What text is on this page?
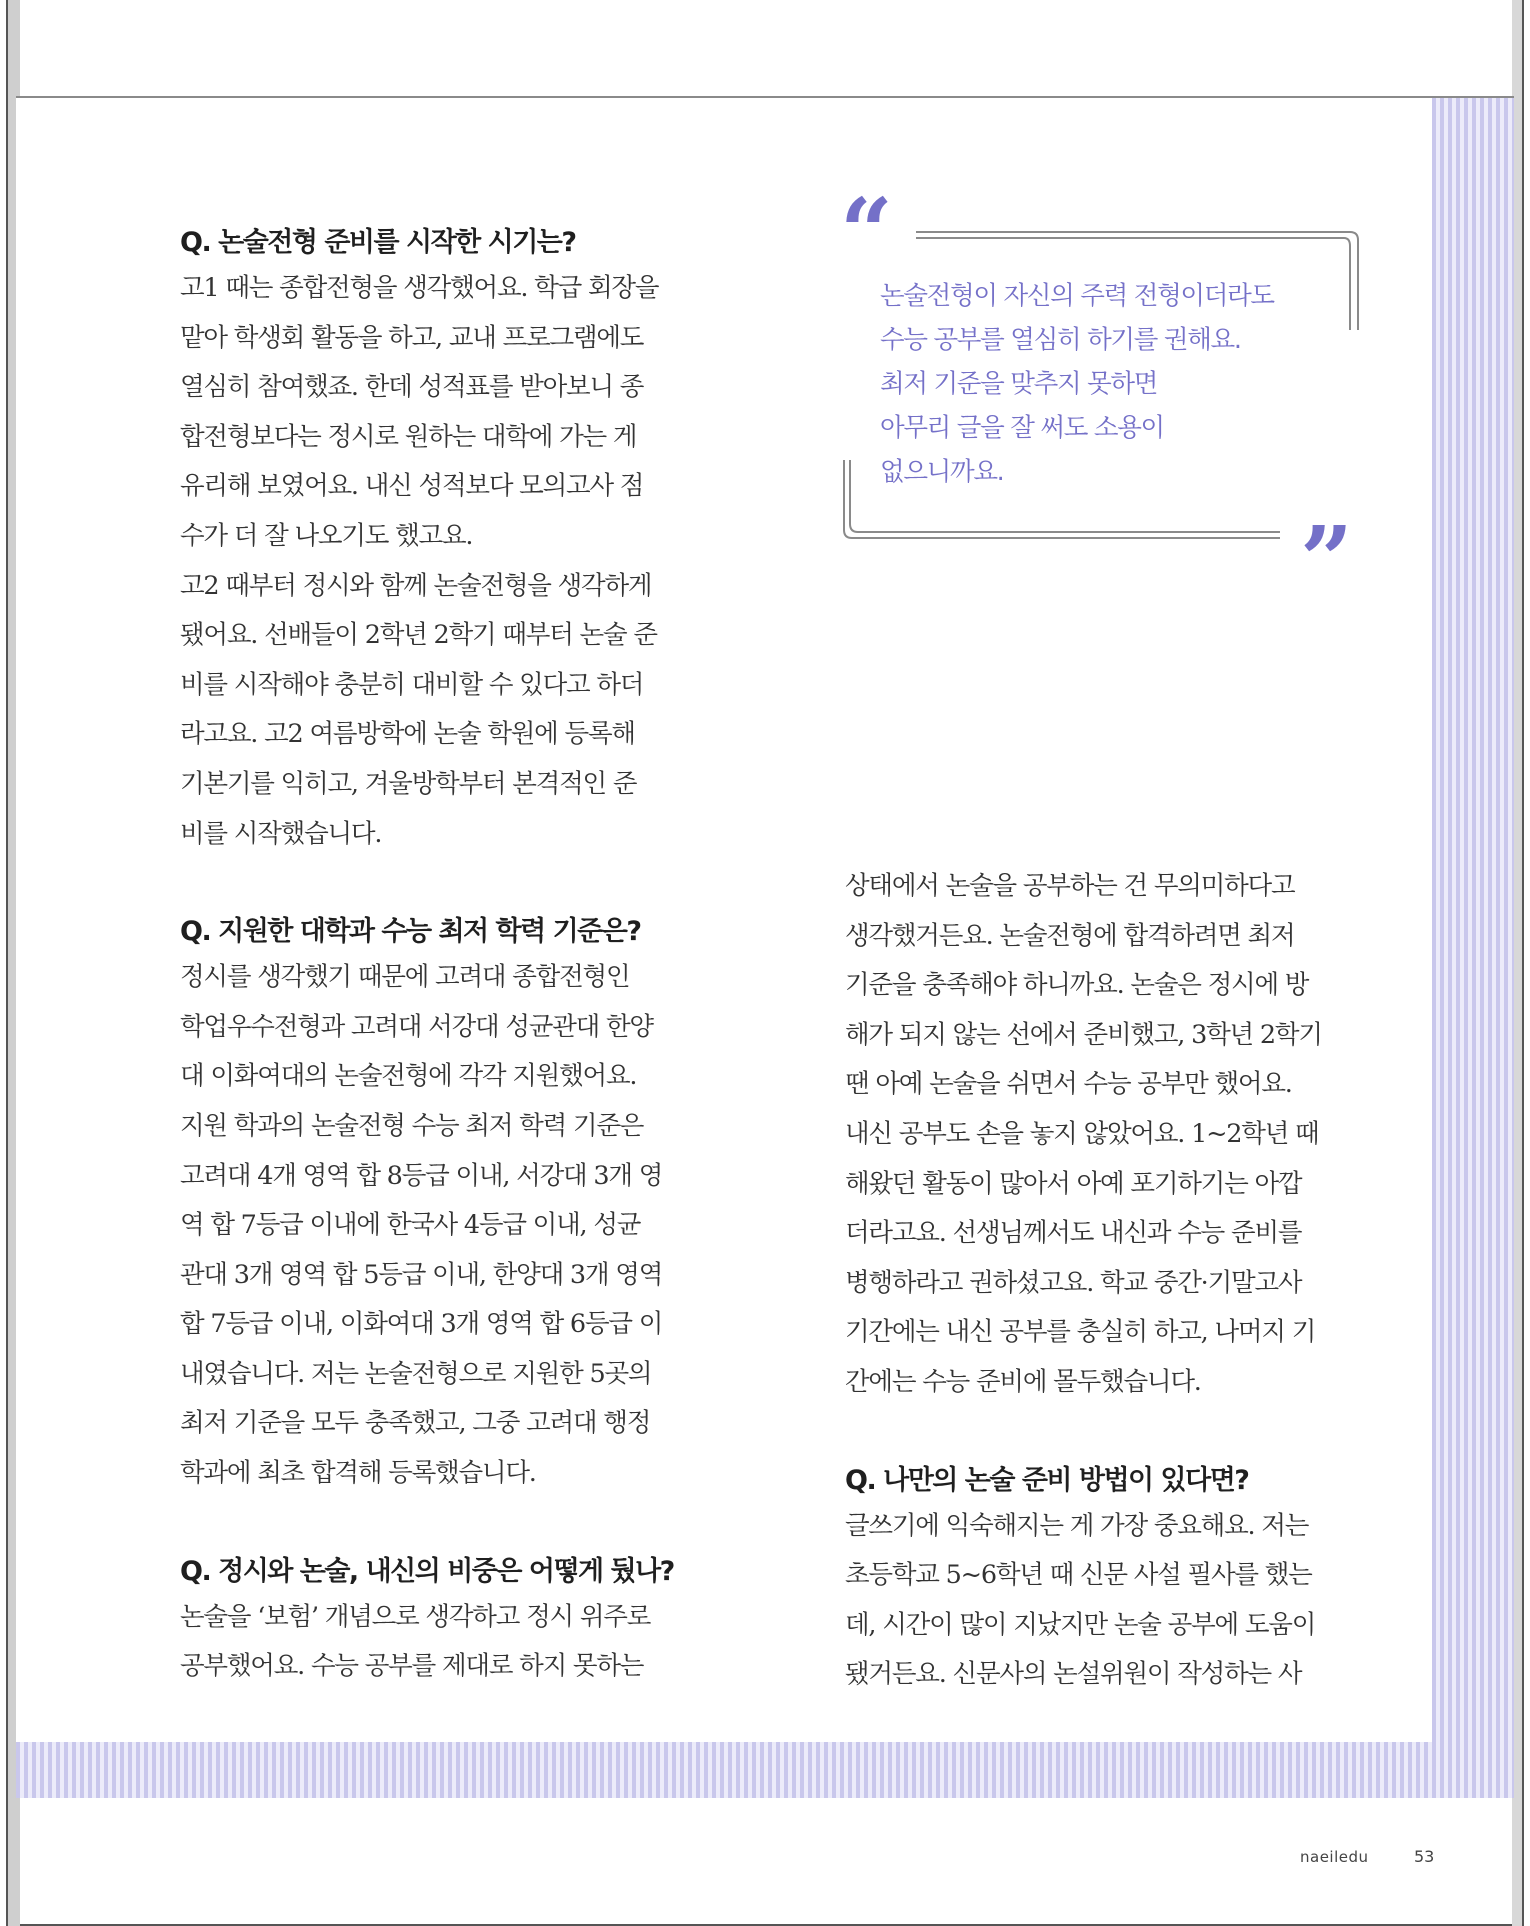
Q. 논술전형 준비를 시작한 시기는?

고1 때는 종합전형을 생각했어요. 학급 회장을
맡아 학생회 활동을 하고, 교내 프로그램에도
열심히 참여했죠. 한데 성적표를 받아보니 종
합전형보다는 정시로 원하는 대학에 가는 게
유리해 보였어요. 내신 성적보다 모의고사 점
수가 더 잘 나오기도 했고요.
고2 때부터 정시와 함께 논술전형을 생각하게
됐어요. 선배들이 2학년 2학기 때부터 논술 준
비를 시작해야 충분히 대비할 수 있다고 하더
라고요. 고2 여름방학에 논술 학원에 등록해
기본기를 익히고, 겨울방학부터 본격적인 준
비를 시작했습니다.

Q. 지원한 대학과 수능 최저 학력 기준은?

정시를 생각했기 때문에 고려대 종합전형인
학업우수전형과 고려대 서강대 성균관대 한양
대 이화여대의 논술전형에 각각 지원했어요.
지원 학과의 논술전형 수능 최저 학력 기준은
고려대 4개 영역 합 8등급 이내, 서강대 3개 영
역 합 7등급 이내에 한국사 4등급 이내, 성균
관대 3개 영역 합 5등급 이내, 한양대 3개 영역
합 7등급 이내, 이화여대 3개 영역 합 6등급 이
내였습니다. 저는 논술전형으로 지원한 5곳의
최저 기준을 모두 충족했고, 그중 고려대 행정
학과에 최초 합격해 등록했습니다.

Q. 정시와 논술, 내신의 비중은 어떻게 뒀나?

논술을 ‘보험’ 개념으로 생각하고 정시 위주로
공부했어요. 수능 공부를 제대로 하지 못하는

“
”

논술전형이 자신의 주력 전형이더라도
수능 공부를 열심히 하기를 권해요.
최저 기준을 맞추지 못하면
아무리 글을 잘 써도 소용이
없으니까요.

상태에서 논술을 공부하는 건 무의미하다고
생각했거든요. 논술전형에 합격하려면 최저
기준을 충족해야 하니까요. 논술은 정시에 방
해가 되지 않는 선에서 준비했고, 3학년 2학기
땐 아예 논술을 쉬면서 수능 공부만 했어요.
내신 공부도 손을 놓지 않았어요. 1~2학년 때
해왔던 활동이 많아서 아예 포기하기는 아깝
더라고요. 선생님께서도 내신과 수능 준비를
병행하라고 권하셨고요. 학교 중간·기말고사
기간에는 내신 공부를 충실히 하고, 나머지 기
간에는 수능 준비에 몰두했습니다.

Q. 나만의 논술 준비 방법이 있다면?

글쓰기에 익숙해지는 게 가장 중요해요. 저는
초등학교 5~6학년 때 신문 사설 필사를 했는
데, 시간이 많이 지났지만 논술 공부에 도움이
됐거든요. 신문사의 논설위원이 작성하는 사

naeiledu	53
